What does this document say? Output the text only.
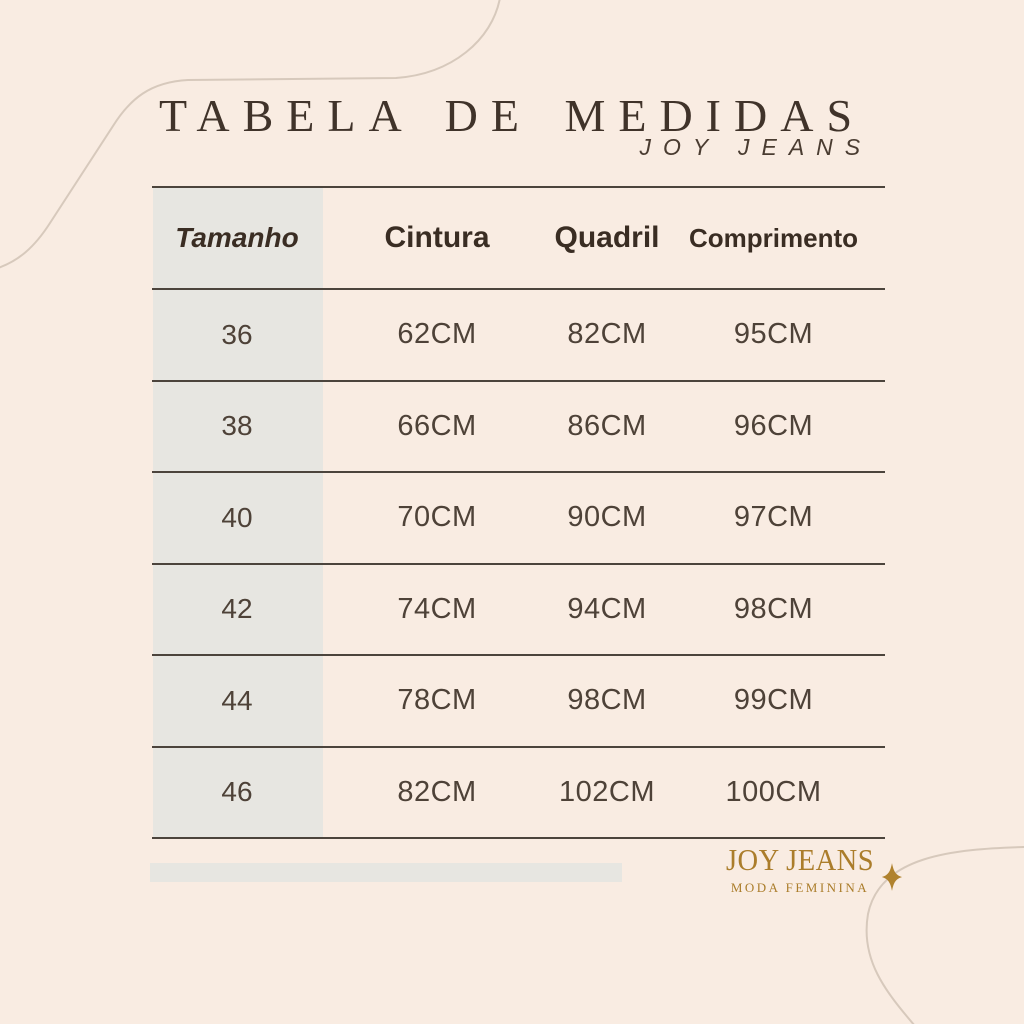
TABELA DE MEDIDAS
JOY JEANS
Tamanho	Cintura	Quadril	Comprimento
36	62CM	82CM	95CM
38	66CM	86CM	96CM
40	70CM	90CM	97CM
42	74CM	94CM	98CM
44	78CM	98CM	99CM
46	82CM	102CM	100CM
JOY JEANS
MODA FEMININA
